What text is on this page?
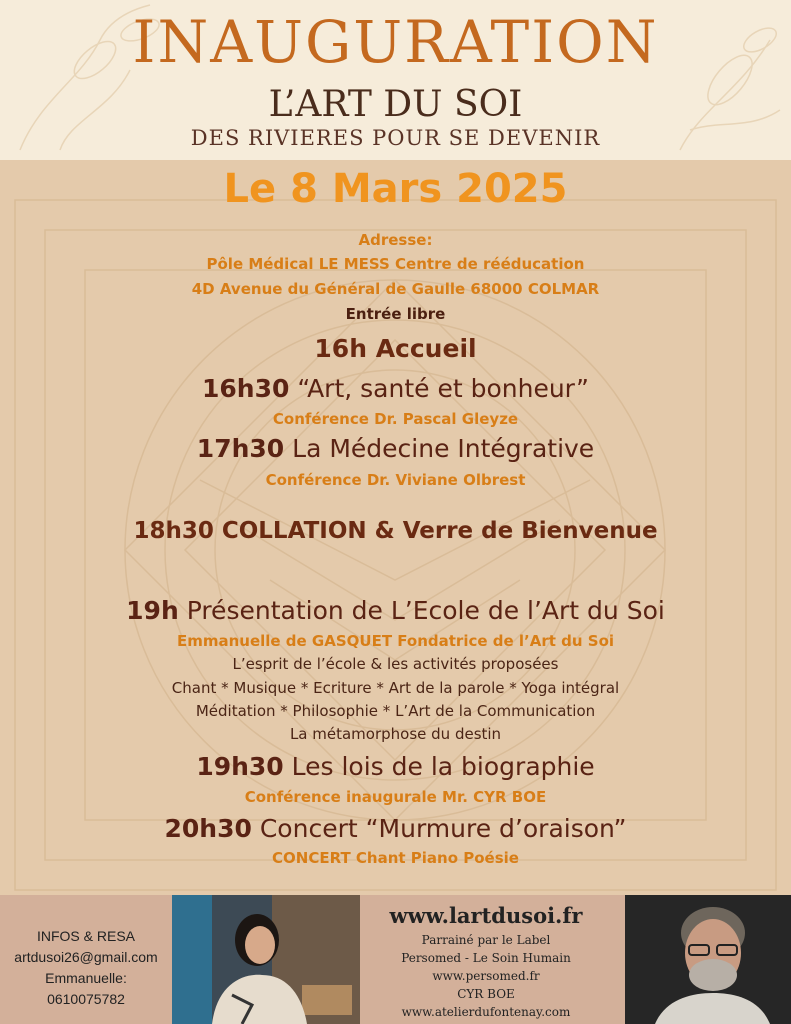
INAUGURATION
L’ART DU SOI
DES RIVIERES POUR SE DEVENIR
Le 8 Mars 2025
Adresse:
Pôle Médical LE MESS Centre de rééducation
4D Avenue du Général de Gaulle 68000 COLMAR
Entrée libre
16h Accueil
16h30 “Art, santé et bonheur”
Conférence Dr. Pascal Gleyze
17h30 La Médecine Intégrative
Conférence Dr. Viviane Olbrest
18h30 COLLATION & Verre de Bienvenue
19h Présentation de L’Ecole de l’Art du Soi
Emmanuelle de GASQUET Fondatrice de l’Art du Soi
L’esprit de l’école & les activités proposées
Chant * Musique * Ecriture * Art de la parole * Yoga intégral
Méditation * Philosophie * L’Art de la Communication
La métamorphose du destin
19h30 Les lois de la biographie
Conférence inaugurale Mr. CYR BOE
20h30 Concert “Murmure d’oraison”
CONCERT Chant Piano Poésie
INFOS & RESA
artdusoi26@gmail.com
Emmanuelle:
0610075782
www.lartdusoi.fr
Parrainé par le Label
Persomed - Le Soin Humain
www.persomed.fr
CYR BOE
www.atelierdufontenay.com
